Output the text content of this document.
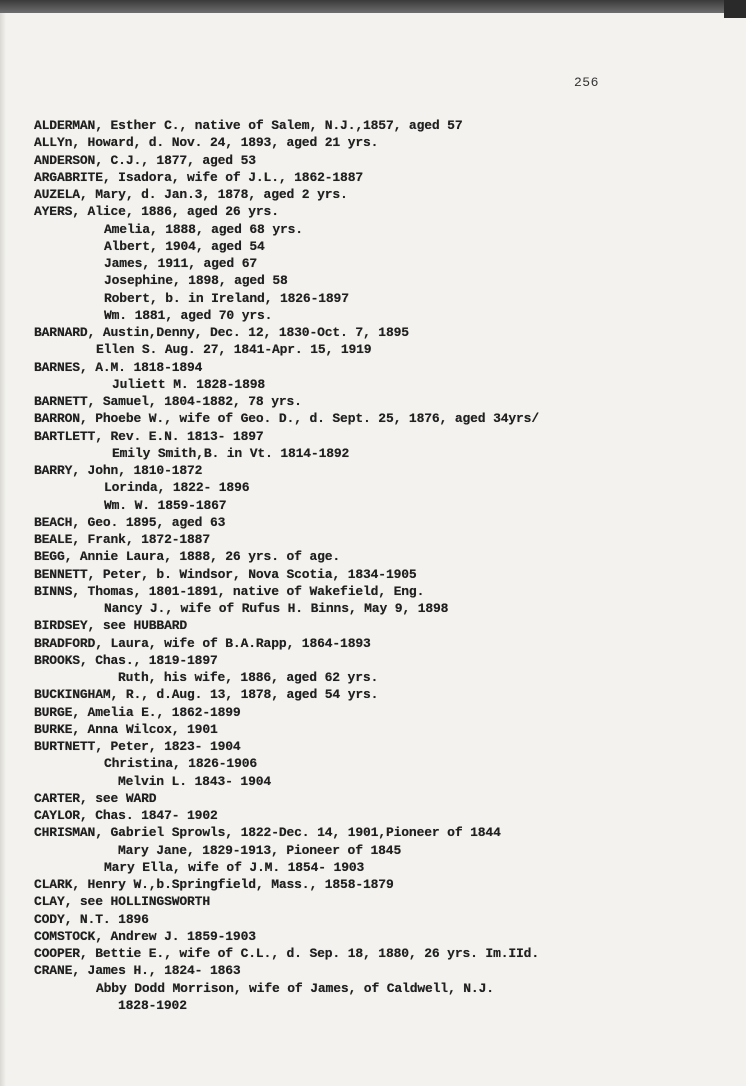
256
ALDERMAN, Esther C., native of Salem, N.J.,1857, aged 57
ALLYn, Howard, d. Nov. 24, 1893, aged 21 yrs.
ANDERSON, C.J., 1877, aged 53
ARGABRITE, Isadora, wife of J.L., 1862-1887
AUZELA, Mary, d. Jan.3, 1878, aged 2 yrs.
AYERS, Alice, 1886, aged 26 yrs.
Amelia, 1888, aged 68 yrs.
Albert, 1904, aged 54
James, 1911, aged 67
Josephine, 1898, aged 58
Robert, b. in Ireland, 1826-1897
Wm. 1881, aged 70 yrs.
BARNARD, Austin,Denny, Dec. 12, 1830-Oct. 7, 1895
Ellen S. Aug. 27, 1841-Apr. 15, 1919
BARNES, A.M. 1818-1894
Juliett M. 1828-1898
BARNETT, Samuel, 1804-1882, 78 yrs.
BARRON, Phoebe W., wife of Geo. D., d. Sept. 25, 1876, aged 34yrs/
BARTLETT, Rev. E.N. 1813- 1897
Emily Smith,B. in Vt. 1814-1892
BARRY, John, 1810-1872
Lorinda, 1822- 1896
Wm. W. 1859-1867
BEACH, Geo. 1895, aged 63
BEALE, Frank, 1872-1887
BEGG, Annie Laura, 1888, 26 yrs. of age.
BENNETT, Peter, b. Windsor, Nova Scotia, 1834-1905
BINNS, Thomas, 1801-1891, native of Wakefield, Eng.
Nancy J., wife of Rufus H. Binns, May 9, 1898
BIRDSEY, see HUBBARD
BRADFORD, Laura, wife of B.A.Rapp, 1864-1893
BROOKS, Chas., 1819-1897
Ruth, his wife, 1886, aged 62 yrs.
BUCKINGHAM, R., d.Aug. 13, 1878, aged 54 yrs.
BURGE, Amelia E., 1862-1899
BURKE, Anna Wilcox, 1901
BURTNETT, Peter, 1823- 1904
Christina, 1826-1906
Melvin L. 1843- 1904
CARTER, see WARD
CAYLOR, Chas. 1847- 1902
CHRISMAN, Gabriel Sprowls, 1822-Dec. 14, 1901,Pioneer of 1844
Mary Jane, 1829-1913, Pioneer of 1845
Mary Ella, wife of J.M. 1854- 1903
CLARK, Henry W.,b.Springfield, Mass., 1858-1879
CLAY, see HOLLINGSWORTH
CODY, N.T. 1896
COMSTOCK, Andrew J. 1859-1903
COOPER, Bettie E., wife of C.L., d. Sep. 18, 1880, 26 yrs. Im.IId.
CRANE, James H., 1824- 1863
Abby Dodd Morrison, wife of James, of Caldwell, N.J.
1828-1902
